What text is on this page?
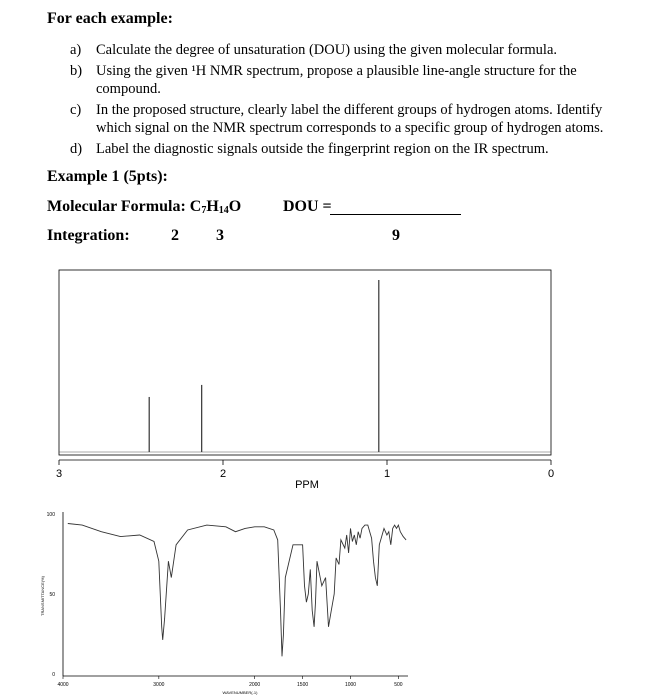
For each example:
a)	Calculate the degree of unsaturation (DOU) using the given molecular formula.
b) Using the given ¹H NMR spectrum, propose a plausible line-angle structure for the compound.
c)	In the proposed structure, clearly label the different groups of hydrogen atoms. Identify which signal on the NMR spectrum corresponds to a specific group of hydrogen atoms.
d) Label the diagnostic signals outside the fingerprint region on the IR spectrum.
Example 1 (5pts):
Molecular Formula: $C_7H_{14}O$	DOU =
Integration:	2 3	9
3	2	1	0
PPM
100
50
0
TRANSMITTANCE(%)
4000	3000	2000	1500	1000	500
WAVENUMBER(-1)
